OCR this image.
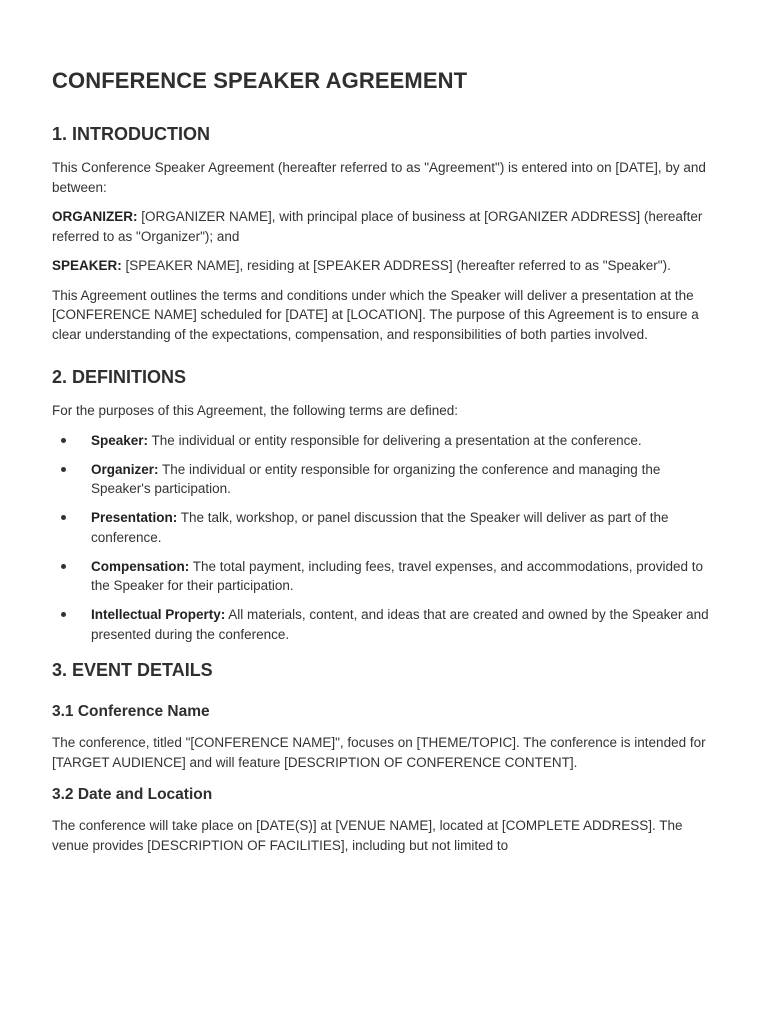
CONFERENCE SPEAKER AGREEMENT
1. INTRODUCTION

This Conference Speaker Agreement (hereafter referred to as "Agreement") is entered into on [DATE], by and between:

ORGANIZER: [ORGANIZER NAME], with principal place of business at [ORGANIZER ADDRESS] (hereafter referred to as "Organizer"); and

SPEAKER: [SPEAKER NAME], residing at [SPEAKER ADDRESS] (hereafter referred to as "Speaker").

This Agreement outlines the terms and conditions under which the Speaker will deliver a presentation at the [CONFERENCE NAME] scheduled for [DATE] at [LOCATION]. The purpose of this Agreement is to ensure a clear understanding of the expectations, compensation, and responsibilities of both parties involved.

2. DEFINITIONS

For the purposes of this Agreement, the following terms are defined:

Speaker: The individual or entity responsible for delivering a presentation at the conference.
Organizer: The individual or entity responsible for organizing the conference and managing the Speaker's participation.
Presentation: The talk, workshop, or panel discussion that the Speaker will deliver as part of the conference.
Compensation: The total payment, including fees, travel expenses, and accommodations, provided to the Speaker for their participation.
Intellectual Property: All materials, content, and ideas that are created and owned by the Speaker and presented during the conference.
3. EVENT DETAILS
3.1 Conference Name

The conference, titled "[CONFERENCE NAME]", focuses on [THEME/TOPIC]. The conference is intended for [TARGET AUDIENCE] and will feature [DESCRIPTION OF CONFERENCE CONTENT].

3.2 Date and Location

The conference will take place on [DATE(S)] at [VENUE NAME], located at [COMPLETE ADDRESS]. The venue provides [DESCRIPTION OF FACILITIES], including but not limited to
